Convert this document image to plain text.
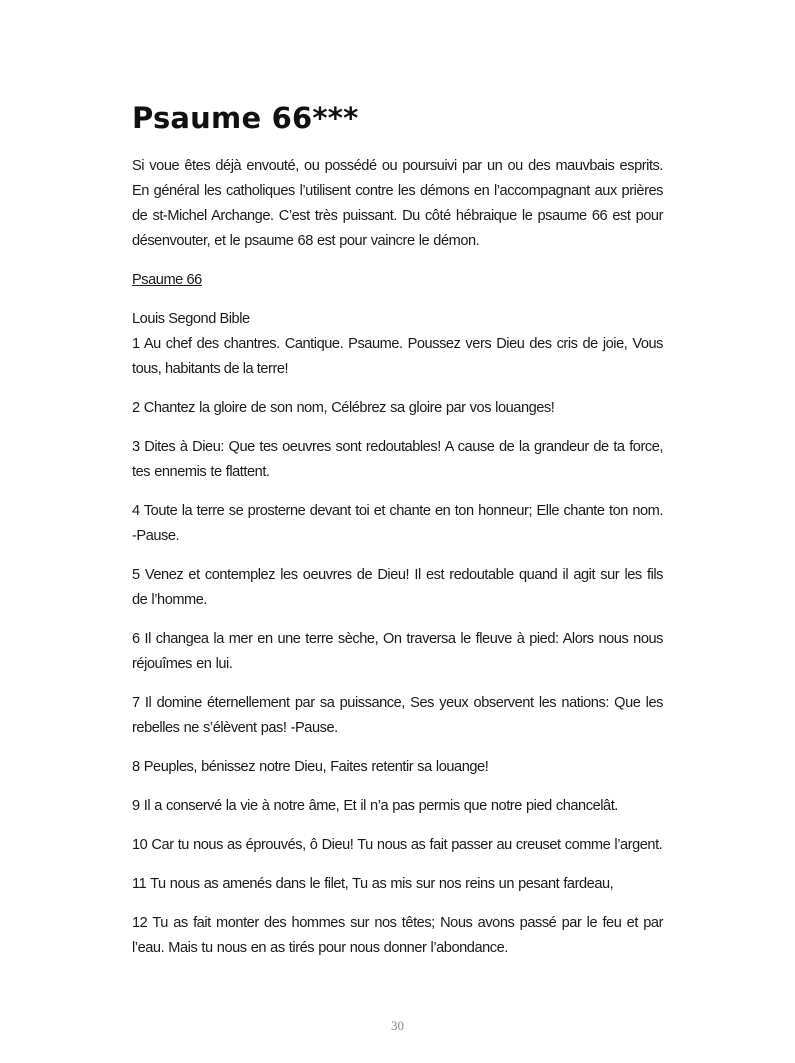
Psaume 66***

Si voue êtes déjà envouté, ou possédé ou poursuivi par un ou des mauvbais esprits. En général les catholiques l’utilisent contre les démons en l’accompagnant aux prières de st-Michel Archange. C’est très puissant. Du côté hébraique le psaume 66 est pour désenvouter, et le psaume 68 est pour vaincre le démon.

Psaume 66
Louis Segond Bible
1 Au chef des chantres. Cantique. Psaume. Poussez vers Dieu des cris de joie, Vous tous, habitants de la terre!

2 Chantez la gloire de son nom, Célébrez sa gloire par vos louanges!

3 Dites à Dieu: Que tes oeuvres sont redoutables! A cause de la grandeur de ta force, tes ennemis te flattent.

4 Toute la terre se prosterne devant toi et chante en ton honneur; Elle chante ton nom. -Pause.

5 Venez et contemplez les oeuvres de Dieu! Il est redoutable quand il agit sur les fils de l’homme.

6 Il changea la mer en une terre sèche, On traversa le fleuve à pied: Alors nous nous réjouîmes en lui.

7 Il domine éternellement par sa puissance, Ses yeux observent les nations: Que les rebelles ne s’élèvent pas! -Pause.

8 Peuples, bénissez notre Dieu, Faites retentir sa louange!

9 Il a conservé la vie à notre âme, Et il n’a pas permis que notre pied chancelât.

10 Car tu nous as éprouvés, ô Dieu! Tu nous as fait passer au creuset comme l’argent.

11 Tu nous as amenés dans le filet, Tu as mis sur nos reins un pesant fardeau,

12 Tu as fait monter des hommes sur nos têtes; Nous avons passé par le feu et par l’eau. Mais tu nous en as tirés pour nous donner l’abondance.

30
